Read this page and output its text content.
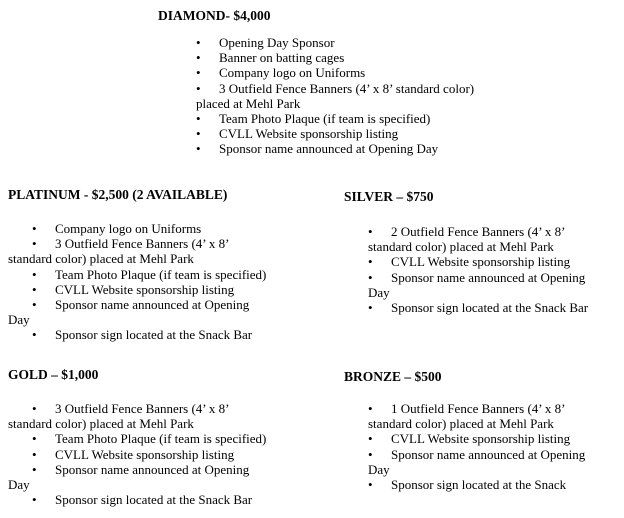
DIAMOND- $4,000
• Opening Day Sponsor
• Banner on batting cages
• Company logo on Uniforms
• 3 Outfield Fence Banners (4’ x 8’ standard color)
placed at Mehl Park
• Team Photo Plaque (if team is specified)
• CVLL Website sponsorship listing
• Sponsor name announced at Opening Day
PLATINUM - $2,500 (2 AVAILABLE)
• Company logo on Uniforms
• 3 Outfield Fence Banners (4’ x 8’
standard color) placed at Mehl Park
• Team Photo Plaque (if team is specified)
• CVLL Website sponsorship listing
• Sponsor name announced at Opening
Day
• Sponsor sign located at the Snack Bar
SILVER – $750
• 2 Outfield Fence Banners (4’ x 8’
standard color) placed at Mehl Park
• CVLL Website sponsorship listing
• Sponsor name announced at Opening
Day
• Sponsor sign located at the Snack Bar
GOLD – $1,000
• 3 Outfield Fence Banners (4’ x 8’
standard color) placed at Mehl Park
• Team Photo Plaque (if team is specified)
• CVLL Website sponsorship listing
• Sponsor name announced at Opening
Day
• Sponsor sign located at the Snack Bar
BRONZE – $500
• 1 Outfield Fence Banners (4’ x 8’
standard color) placed at Mehl Park
• CVLL Website sponsorship listing
• Sponsor name announced at Opening
Day
• Sponsor sign located at the Snack
